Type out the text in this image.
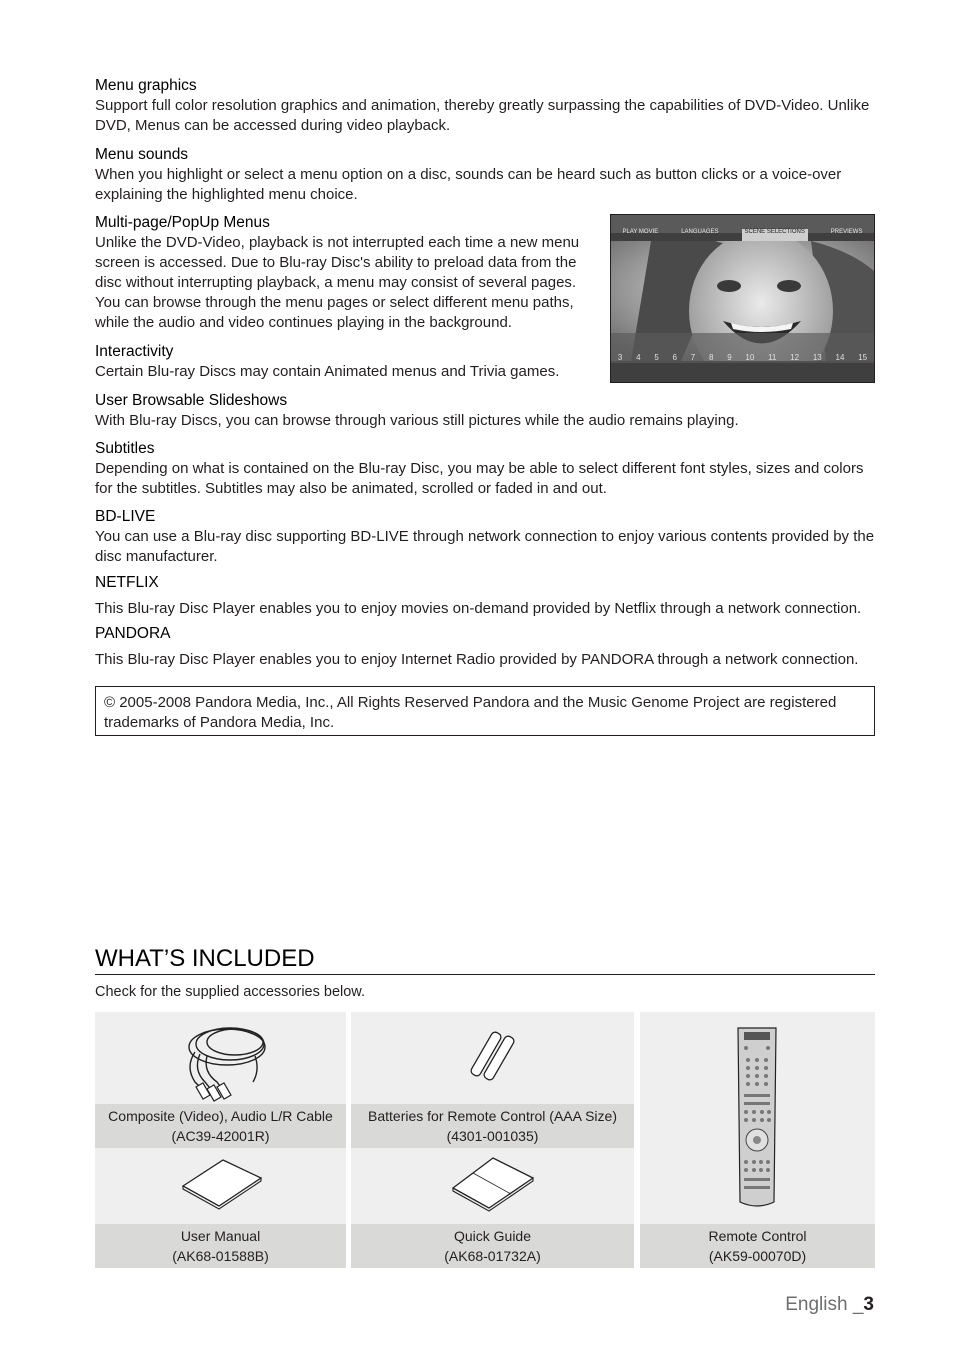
Menu graphics

Support full color resolution graphics and animation, thereby greatly surpassing the capabilities of DVD-Video. Unlike DVD, Menus can be accessed during video playback.

Menu sounds

When you highlight or select a menu option on a disc, sounds can be heard such as button clicks or a voice-over explaining the highlighted menu choice.

Multi-page/PopUp Menus

Unlike the DVD-Video, playback is not interrupted each time a new menu screen is accessed. Due to Blu-ray Disc's ability to preload data from the disc without interrupting playback, a menu may consist of several pages. You can browse through the menu pages or select different menu paths, while the audio and video continues playing in the background.

Interactivity

Certain Blu-ray Discs may contain Animated menus and Trivia games.

User Browsable Slideshows

With Blu-ray Discs, you can browse through various still pictures while the audio remains playing.

Subtitles

Depending on what is contained on the Blu-ray Disc, you may be able to select different font styles, sizes and colors for the subtitles. Subtitles may also be animated, scrolled or faded in and out.

BD-LIVE

You can use a Blu-ray disc supporting BD-LIVE through network connection to enjoy various contents provided by the disc manufacturer.

NETFLIX

This Blu-ray Disc Player enables you to enjoy movies on-demand provided by Netflix through a network connection.

PANDORA

This Blu-ray Disc Player enables you to enjoy Internet Radio provided by PANDORA through a network connection.

PLAY MOVIE	LANGUAGES	SCENE SELECTIONS	PREVIEWS
3 4 5 6 7 8 9 10 11 12 13 14 15
© 2005-2008 Pandora Media, Inc., All Rights Reserved Pandora and the Music Genome Project are registered trademarks of Pandora Media, Inc.
WHAT’S INCLUDED
Check for the supplied accessories below.
Composite (Video), Audio L/R Cable
(AC39-42001R)
Batteries for Remote Control (AAA Size)
(4301-001035)
User Manual
(AK68-01588B)
Quick Guide
(AK68-01732A)
Remote Control
(AK59-00070D)
English _3
